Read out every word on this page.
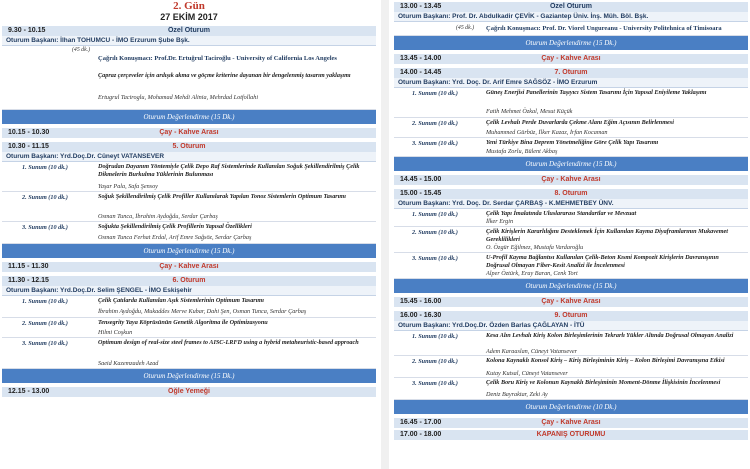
2. Gün
27 EKİM 2017
9.30 - 10.15	Özel Oturum
Oturum Başkanı: İlhan TOHUMCU - İMO Erzurum Şube Bşk.
(45 dk.)
Çağrılı Konuşmacı: Prof.Dr. Ertuğrul Taciroğlu - University of California Los Angeles
Çapraz çerçeveler için ardışık akma ve göçme kriterine dayanan bir dengelenmiş tasarım yaklaşımı
Ertugrul Taciroglu, Mohamad Mehdi Alinia, Mehrdad Lotfollahi
Oturum Değerlendirme (15 Dk.)
10.15 - 10.30	Çay - Kahve Arası
10.30 - 11.15	5. Oturum
Oturum Başkanı: Yrd.Doç.Dr. Cüneyt VATANSEVER
1. Sunum (10 dk.)	Doğrudan Dayanım Yöntemiyle Çelik Depo Raf Sistemlerinde Kullanılan Soğuk Şekillendirilmiş Çelik Dikmelerin Burkulma Yüklerinin Bulunması
Yaşar Pala, Safa Şensoy
2. Sunum (10 dk.)	Soğuk Şekillendirilmiş Çelik Profiller Kullanılarak Yapılan Tonoz Sistemlerin Optimum Tasarımı
Osman Tunca, İbrahim Aydoğdu, Serdar Çarbaş
3. Sunum (10 dk.)	Soğukta Şekillendirilmiş Çelik Profillerin Yapısal Özellikleri
Osman Tunca Ferhat Erdal, Arif Emre Sağsöz, Serdar Çarbaş
Oturum Değerlendirme (15 Dk.)
11.15 - 11.30	Çay - Kahve Arası
11.30 - 12.15	6. Oturum
Oturum Başkanı: Yrd.Doç.Dr. Selim ŞENGEL - İMO Eskişehir
1. Sunum (10 dk.)	Çelik Çatılarda Kullanılan Aşık Sistemlerinin Optimum Tasarımı
İbrahim Aydoğdu, Mukaddes Merve Kubar, Dahi Şen, Osman Tunca, Serdar Çarbaş
2. Sunum (10 dk.)	Tensegrity Yaya Köprüsünün Genetik Algoritma ile Optimizasyonu
Hilmi Coşkun
3. Sunum (10 dk.)	Optimum design of real-size steel frames to AISC-LRFD using a hybrid metaheuristic-based approach
Saeid Kazemzadeh Azad
Oturum Değerlendirme (15 Dk.)
12.15 - 13.00	Öğle Yemeği
13.00 - 13.45	Özel Oturum
Oturum Başkanı: Prof. Dr. Abdulkadir ÇEVİK - Gaziantep Üniv. İnş. Müh. Böl. Bşk.
(45 dk.) Çağrılı Konuşmacı: Prof. Dr. Viorel Ungureanu - University Politehnica of Timisoara
Oturum Değerlendirme (15 Dk.)
13.45 - 14.00	Çay - Kahve Arası
14.00 - 14.45	7. Oturum
Oturum Başkanı: Yrd. Doç. Dr. Arif Emre SAĞSÖZ - İMO Erzurum
1. Sunum (10 dk.)	Güneş Enerjisi Panellerinin Taşıyıcı Sistem Tasarımı İçin Yapısal Eniyileme Yaklaşımı
Fatih Mehmet Özkal, Mesut Küçük
2. Sunum (10 dk.)	Çelik Levhalı Perde Duvarlarda Çekme Alanı Eğim Açısının Belirlenmesi
Muhammed Gürbüz, İlker Kazaz, İrfan Kocaman
3. Sunum (10 dk.)	Yeni Türkiye Bina Deprem Yönetmeliğine Göre Çelik Yapı Tasarımı
Mustafa Zorlu, Bülent Akbaş
Oturum Değerlendirme (15 Dk.)
14.45 - 15.00	Çay - Kahve Arası
15.00 - 15.45	8. Oturum
Oturum Başkanı: Yrd. Doç. Dr. Serdar ÇARBAŞ - K.MEHMETBEY ÜNV.
1. Sunum (10 dk.)	Çelik Yapı İmalatında Uluslararası Standartlar ve Mevzuat
İlker Ergin
2. Sunum (10 dk.)	Çelik Kirişlerin Kararlılığını Desteklemek İçin Kullanılan Kayma Diyaframlarının Mukavemet Gereklilikleri
O. Özgür Eğilmez, Mustafa Vardaroğlu
3. Sunum (10 dk.)	U-Profil Kayma Bağlantısı Kullanılan Çelik-Beton Kısmi Kompozit Kirişlerin Davranışının Doğrusal Olmayan Fiber-Kesit Analizi ile İncelenmesi
Alper Öztürk, Eray Baran, Cenk Tort
Oturum Değerlendirme (15 Dk.)
15.45 - 16.00	Çay - Kahve Arası
16.00 - 16.30	9. Oturum
Oturum Başkanı: Yrd.Doç.Dr. Özden Barlas ÇAĞLAYAN - İTÜ
1. Sunum (10 dk.)	Kesa Alın Levhalı Kiriş Kolon Birleşimlerinin Tekrarlı Yükler Altında Doğrusal Olmayan Analizi
Adem Karaaslan, Cüneyt Vatansever
2. Sunum (10 dk.)	Kolona Kaynaklı Konsol Kiriş – Kiriş Birleşiminin Kiriş – Kolon Birleşimi Davranışına Etkisi
Kutay Kutsal, Cüneyt Vatansever
3. Sunum (10 dk.)	Çelik Boru Kiriş ve Kolonun Kaynaklı Birleşiminin Moment-Dönme İlişkisinin İncelenmesi
Deniz Bayraktar, Zeki Ay
Oturum Değerlendirme (10 Dk.)
16.45 - 17.00	Çay - Kahve Arası
17.00 - 18.00	KAPANIŞ OTURUMU
